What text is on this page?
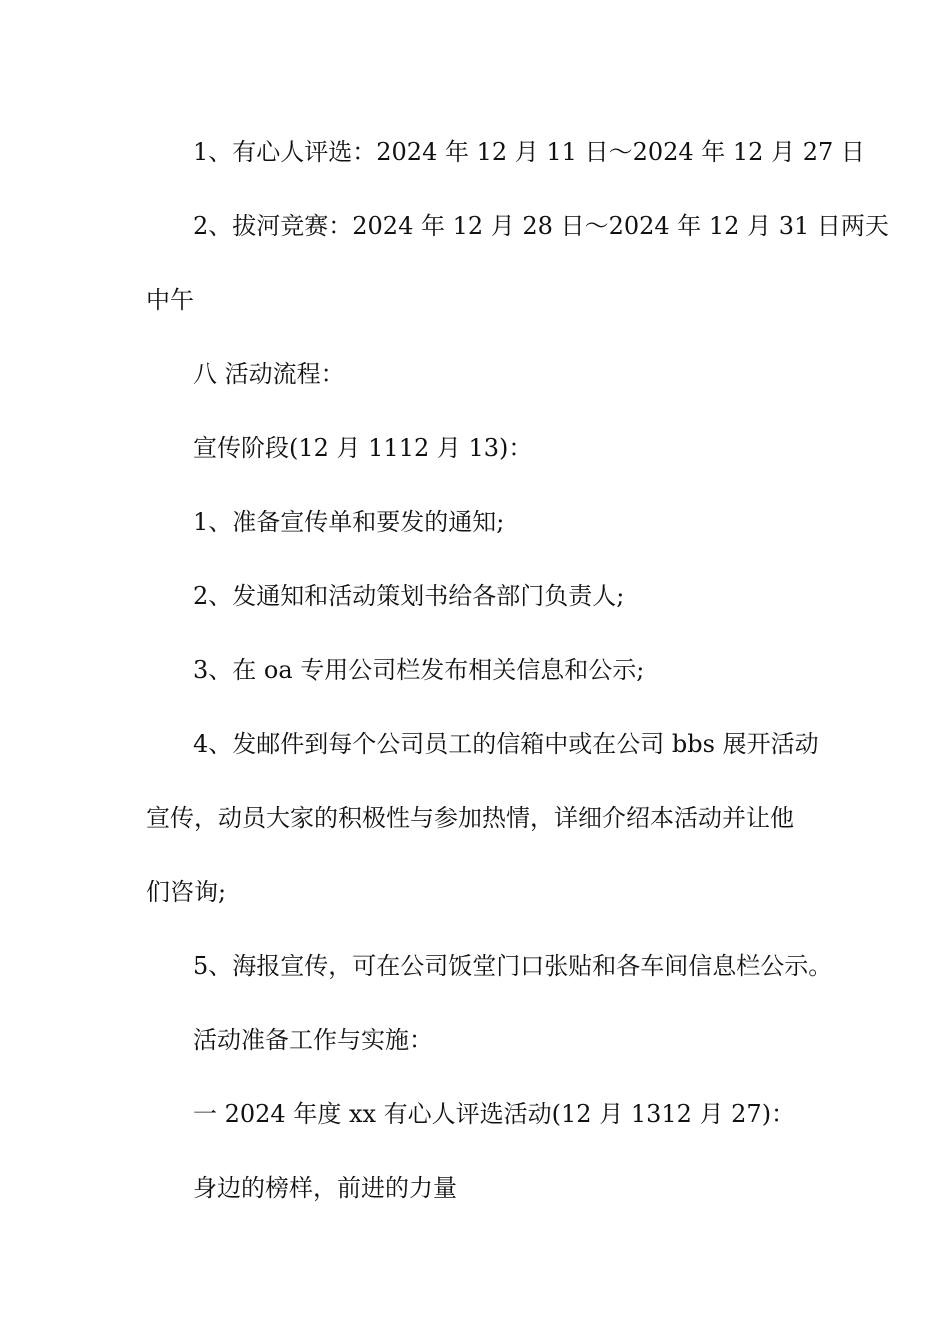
1、有心人评选：2024 年 12 月 11 日～2024 年 12 月 27 日
2、拔河竞赛：2024 年 12 月 28 日～2024 年 12 月 31 日两天
中午
八 活动流程：
宣传阶段(12 月 1112 月 13)：
1、准备宣传单和要发的通知;
2、发通知和活动策划书给各部门负责人;
3、在 oa 专用公司栏发布相关信息和公示;
4、发邮件到每个公司员工的信箱中或在公司 bbs 展开活动
宣传，动员大家的积极性与参加热情，详细介绍本活动并让他
们咨询;
5、海报宣传，可在公司饭堂门口张贴和各车间信息栏公示。
活动准备工作与实施：
一 2024 年度 xx 有心人评选活动(12 月 1312 月 27)：
身边的榜样，前进的力量
